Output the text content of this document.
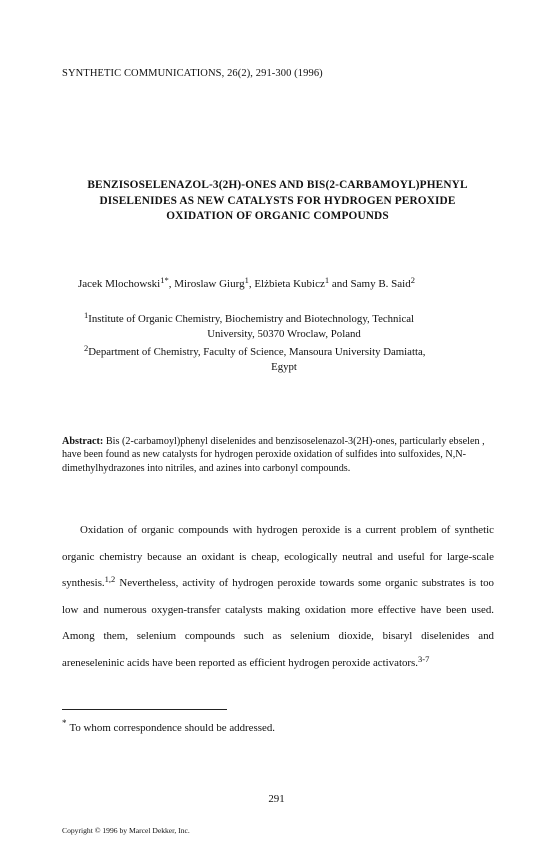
SYNTHETIC COMMUNICATIONS, 26(2), 291-300 (1996)
BENZISOSELENAZOL-3(2H)-ONES AND BIS(2-CARBAMOYL)PHENYL
DISELENIDES AS NEW CATALYSTS FOR HYDROGEN PEROXIDE
OXIDATION OF ORGANIC COMPOUNDS
Jacek Mlochowski$^{1*}$, Miroslaw Giurg$^1$, Elżbieta Kubicz$^1$ and Samy B. Said$^2$
$^1$Institute of Organic Chemistry, Biochemistry and Biotechnology, Technical
University, 50370 Wroclaw, Poland
$^2$Department of Chemistry, Faculty of Science, Mansoura University Damiatta,
Egypt
Abstract: Bis (2-carbamoyl)phenyl diselenides and benzisoselenazol-3(2H)-ones, particularly ebselen , have been found as new catalysts for hydrogen peroxide oxidation of sulfides into sulfoxides, N,N-dimethylhydrazones into nitriles, and azines into carbonyl compounds.
Oxidation of organic compounds with hydrogen peroxide is a current problem of synthetic organic chemistry because an oxidant is cheap, ecologically neutral and useful for large-scale synthesis.$^{1,2}$ Nevertheless, activity of hydrogen peroxide towards some organic substrates is too low and numerous oxygen-transfer catalysts making oxidation more effective have been used. Among them, selenium compounds such as selenium dioxide, bisaryl diselenides and areneseleninic acids have been reported as efficient hydrogen peroxide activators.$^{3-7}$
* To whom correspondence should be addressed.
291
Copyright © 1996 by Marcel Dekker, Inc.
